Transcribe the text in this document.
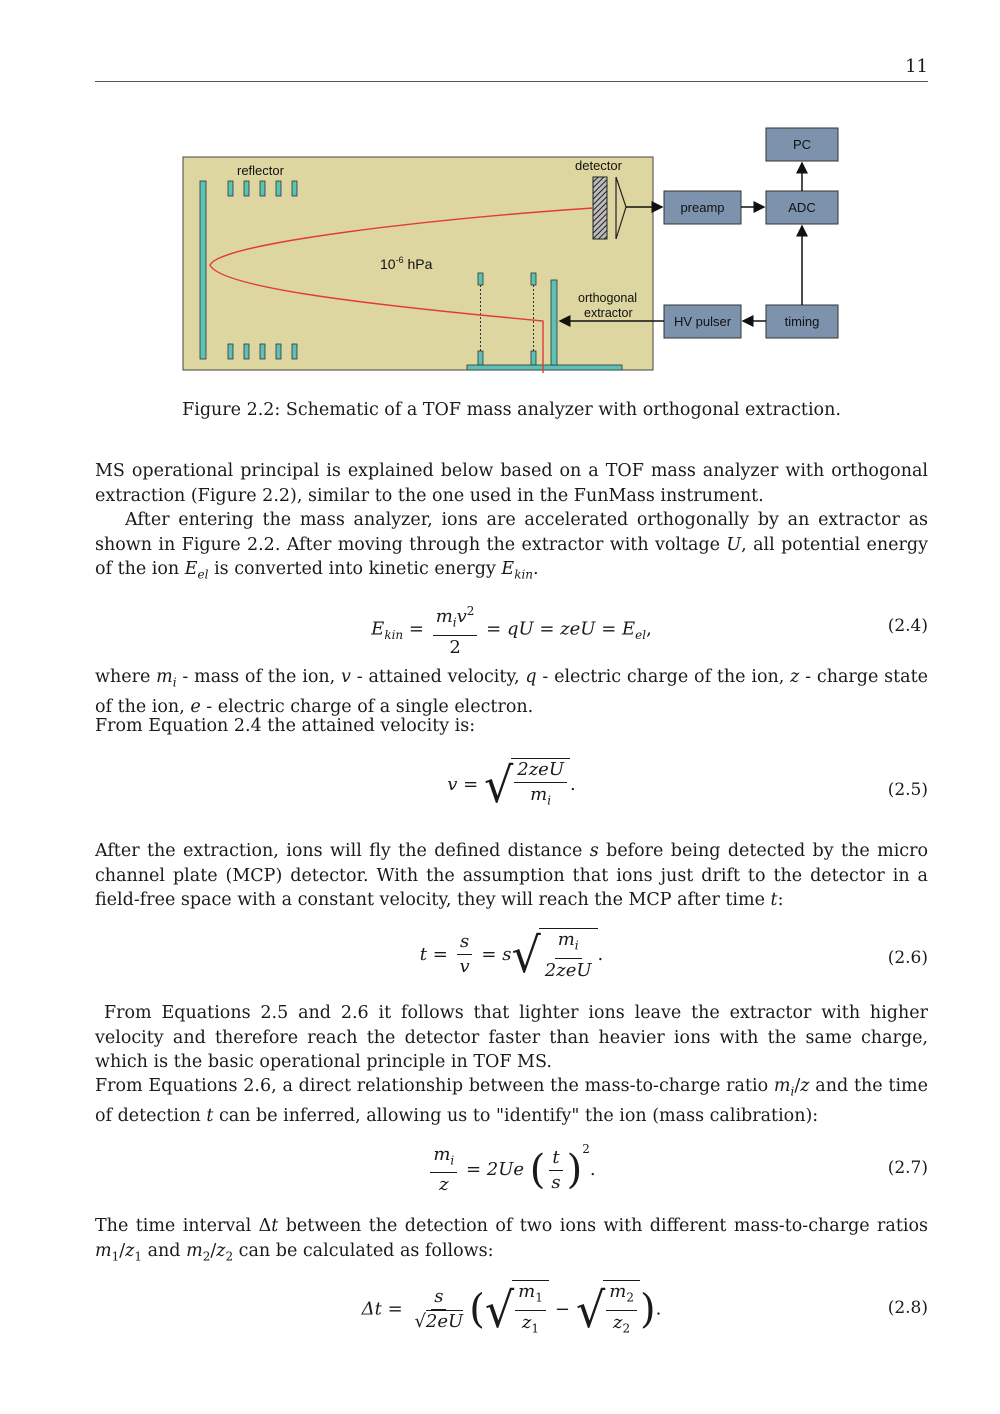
11
reflector	detector
$10^{-6}$ hPa
orthogonal
extractor
preamp	ADC
PC
HV pulser	timing
Figure 2.2: Schematic of a TOF mass analyzer with orthogonal extraction.

MS operational principal is explained below based on a TOF mass analyzer with orthogonal extraction (Figure 2.2), similar to the one used in the FunMass instrument.

After entering the mass analyzer, ions are accelerated orthogonally by an extractor as shown in Figure 2.2. After moving through the extractor with voltage U, all potential energy of the ion $E_{el}$ is converted into kinetic energy $E_{kin}$.

$E_{kin} = \frac{m_iv^2}{2}$ = qU = zeU = $E_{el}$,	(2.4)

where $m_i$ - mass of the ion, v - attained velocity, q - electric charge of the ion, z - charge state of the ion, e - electric charge of a single electron.

From Equation 2.4 the attained velocity is:

v = √ $\frac{\text{2zeU}}{m_i}$ .	(2.5)

After the extraction, ions will fly the defined distance s before being detected by the micro channel plate (MCP) detector. With the assumption that ions just drift to the detector in a field-free space with a constant velocity, they will reach the MCP after time t:

$t = \frac{s}{v} = s$ √ $\frac{m_i}{\text{2zeU}}$ .	(2.6)

From Equations 2.5 and 2.6 it follows that lighter ions leave the extractor with higher velocity and therefore reach the detector faster than heavier ions with the same charge, which is the basic operational principle in TOF MS.

From Equations 2.6, a direct relationship between the mass-to-charge ratio $m_i/z$ and the time of detection t can be inferred, allowing us to "identify" the ion (mass calibration):

$\frac{m_i}{z} = 2Ue$ ( $\frac{t}{s} )^2$.	(2.7)

The time interval Δt between the detection of two ions with different mass-to-charge ratios $m_1/z_1$ and $m_2/z_2$ can be calculated as follows:

$\Delta t = \frac{s}{√2eU}$ ( √ $\frac{m_1}{z_1}$ − √ $\frac{m_2}{z_2}$ ).	(2.8)
